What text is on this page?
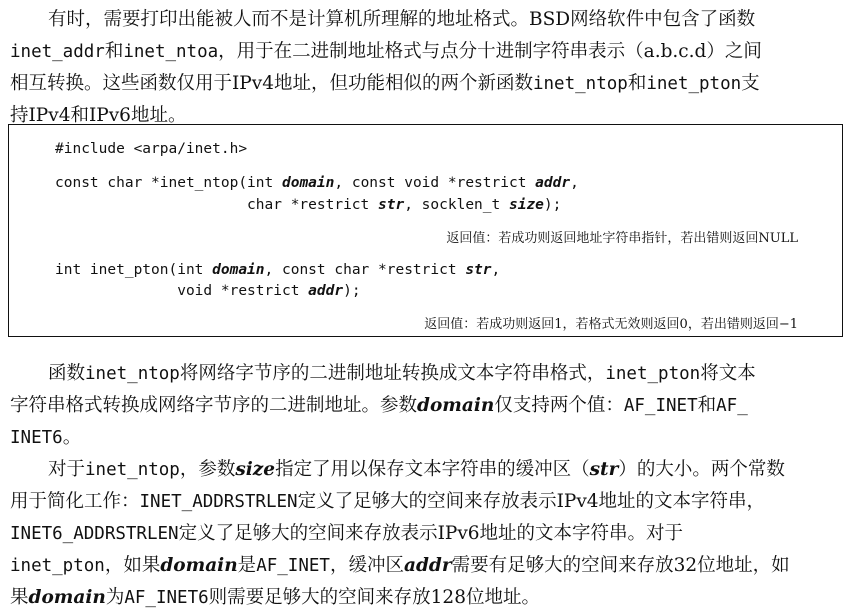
有时，需要打印出能被人而不是计算机所理解的地址格式。BSD网络软件中包含了函数
inet_addr和inet_ntoa，用于在二进制地址格式与点分十进制字符串表示（a.b.c.d）之间
相互转换。这些函数仅用于IPv4地址，但功能相似的两个新函数inet_ntop和inet_pton支
持IPv4和IPv6地址。
#include <arpa/inet.h>
const char *inet_ntop(int domain, const void *restrict addr,
char *restrict str, socklen_t size);
返回值：若成功则返回地址字符串指针，若出错则返回NULL
int inet_pton(int domain, const char *restrict str,
void *restrict addr);
返回值：若成功则返回1，若格式无效则返回0，若出错则返回−1
函数inet_ntop将网络字节序的二进制地址转换成文本字符串格式，inet_pton将文本
字符串格式转换成网络字节序的二进制地址。参数domain仅支持两个值：AF_INET和AF_
INET6。
对于inet_ntop，参数size指定了用以保存文本字符串的缓冲区（str）的大小。两个常数
用于简化工作：INET_ADDRSTRLEN定义了足够大的空间来存放表示IPv4地址的文本字符串，
INET6_ADDRSTRLEN定义了足够大的空间来存放表示IPv6地址的文本字符串。对于
inet_pton，如果domain是AF_INET，缓冲区addr需要有足够大的空间来存放32位地址，如
果domain为AF_INET6则需要足够大的空间来存放128位地址。
